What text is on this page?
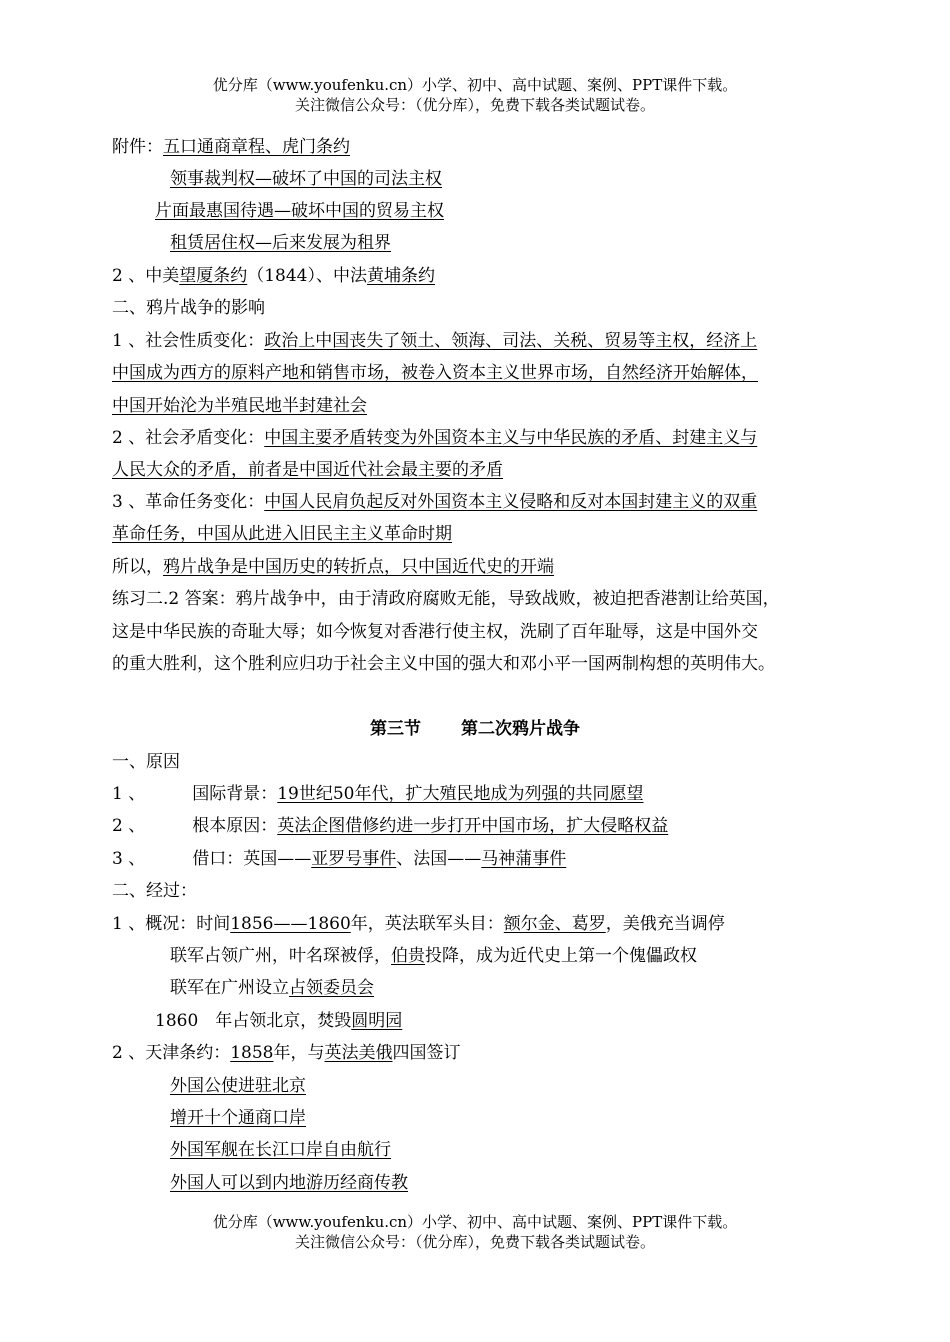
优分库（www.youfenku.cn）小学、初中、高中试题、案例、PPT课件下载。
关注微信公众号：（优分库），免费下载各类试题试卷。
附件：五口通商章程、虎门条约
领事裁判权—破坏了中国的司法主权
片面最惠国待遇—破坏中国的贸易主权
租赁居住权—后来发展为租界
2 、中美望厦条约（1844）、中法黄埔条约
二、鸦片战争的影响
1 、社会性质变化：政治上中国丧失了领土、领海、司法、关税、贸易等主权，经济上
中国成为西方的原料产地和销售市场，被卷入资本主义世界市场，自然经济开始解体，
中国开始沦为半殖民地半封建社会
2 、社会矛盾变化：中国主要矛盾转变为外国资本主义与中华民族的矛盾、封建主义与
人民大众的矛盾，前者是中国近代社会最主要的矛盾
3 、革命任务变化：中国人民肩负起反对外国资本主义侵略和反对本国封建主义的双重
革命任务，中国从此进入旧民主主义革命时期
所以，鸦片战争是中国历史的转折点，只中国近代史的开端
练习二.2 答案：鸦片战争中，由于清政府腐败无能，导致战败，被迫把香港割让给英国，
这是中华民族的奇耻大辱；如今恢复对香港行使主权，洗刷了百年耻辱，这是中国外交
的重大胜利，这个胜利应归功于社会主义中国的强大和邓小平一国两制构想的英明伟大。
第三节 第二次鸦片战争
一、原因
1 、	国际背景：19世纪50年代，扩大殖民地成为列强的共同愿望
2 、	根本原因：英法企图借修约进一步打开中国市场，扩大侵略权益
3 、	借口：英国——亚罗号事件、法国——马神蒲事件
二、经过：
1 、概况：时间1856——1860年，英法联军头目：额尔金、葛罗，美俄充当调停
联军占领广州，叶名琛被俘，伯贵投降，成为近代史上第一个傀儡政权
联军在广州设立占领委员会
1860　年占领北京，焚毁圆明园
2 、天津条约：1858年，与英法美俄四国签订
外国公使进驻北京
增开十个通商口岸
外国军舰在长江口岸自由航行
外国人可以到内地游历经商传教
优分库（www.youfenku.cn）小学、初中、高中试题、案例、PPT课件下载。
关注微信公众号：（优分库），免费下载各类试题试卷。
